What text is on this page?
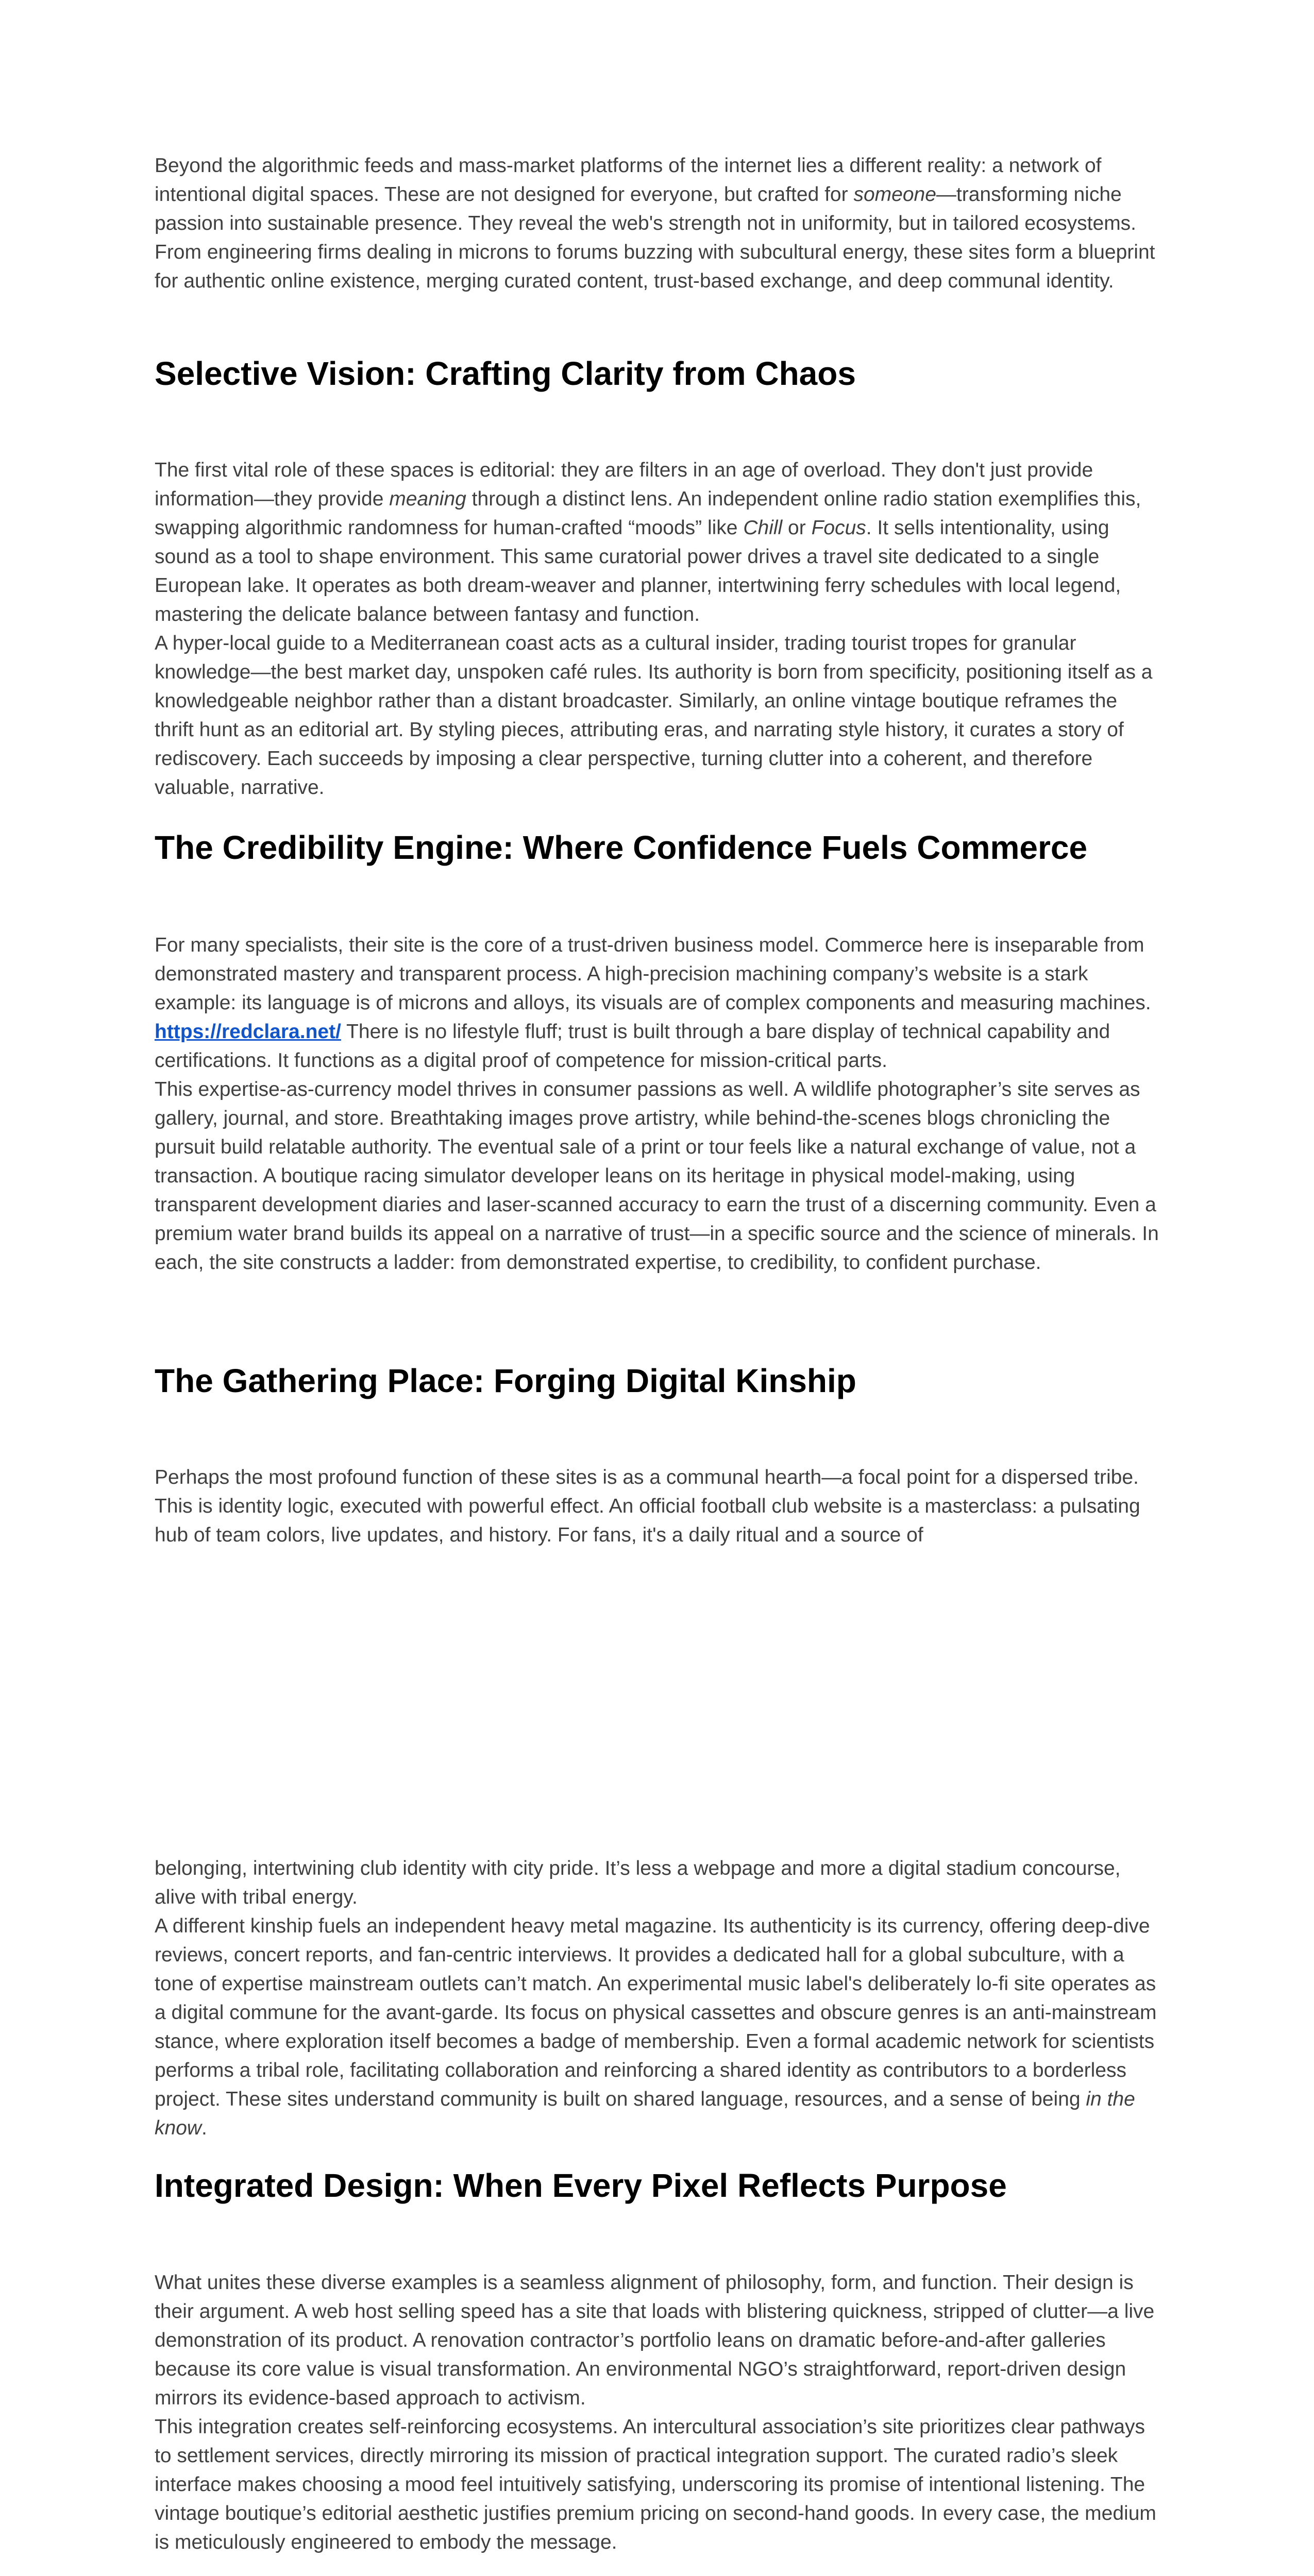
Beyond the algorithmic feeds and mass-market platforms of the internet lies a different reality: a network of intentional digital spaces. These are not designed for everyone, but crafted for someone—transforming niche passion into sustainable presence. They reveal the web's strength not in uniformity, but in tailored ecosystems. From engineering firms dealing in microns to forums buzzing with subcultural energy, these sites form a blueprint for authentic online existence, merging curated content, trust-based exchange, and deep communal identity.

Selective Vision: Crafting Clarity from Chaos

The first vital role of these spaces is editorial: they are filters in an age of overload. They don't just provide information—they provide meaning through a distinct lens. An independent online radio station exemplifies this, swapping algorithmic randomness for human-crafted “moods” like Chill or Focus. It sells intentionality, using sound as a tool to shape environment. This same curatorial power drives a travel site dedicated to a single European lake. It operates as both dream-weaver and planner, intertwining ferry schedules with local legend, mastering the delicate balance between fantasy and function.

A hyper-local guide to a Mediterranean coast acts as a cultural insider, trading tourist tropes for granular knowledge—the best market day, unspoken café rules. Its authority is born from specificity, positioning itself as a knowledgeable neighbor rather than a distant broadcaster. Similarly, an online vintage boutique reframes the thrift hunt as an editorial art. By styling pieces, attributing eras, and narrating style history, it curates a story of rediscovery. Each succeeds by imposing a clear perspective, turning clutter into a coherent, and therefore valuable, narrative.

The Credibility Engine: Where Confidence Fuels Commerce

For many specialists, their site is the core of a trust-driven business model. Commerce here is inseparable from demonstrated mastery and transparent process. A high-precision machining company’s website is a stark example: its language is of microns and alloys, its visuals are of complex components and measuring machines. https://redclara.net/ There is no lifestyle fluff; trust is built through a bare display of technical capability and certifications. It functions as a digital proof of competence for mission-critical parts.

This expertise-as-currency model thrives in consumer passions as well. A wildlife photographer’s site serves as gallery, journal, and store. Breathtaking images prove artistry, while behind-the-scenes blogs chronicling the pursuit build relatable authority. The eventual sale of a print or tour feels like a natural exchange of value, not a transaction. A boutique racing simulator developer leans on its heritage in physical model-making, using transparent development diaries and laser-scanned accuracy to earn the trust of a discerning community. Even a premium water brand builds its appeal on a narrative of trust—in a specific source and the science of minerals. In each, the site constructs a ladder: from demonstrated expertise, to credibility, to confident purchase.

The Gathering Place: Forging Digital Kinship

Perhaps the most profound function of these sites is as a communal hearth—a focal point for a dispersed tribe. This is identity logic, executed with powerful effect. An official football club website is a masterclass: a pulsating hub of team colors, live updates, and history. For fans, it's a daily ritual and a source of

belonging, intertwining club identity with city pride. It’s less a webpage and more a digital stadium concourse, alive with tribal energy.

A different kinship fuels an independent heavy metal magazine. Its authenticity is its currency, offering deep-dive reviews, concert reports, and fan-centric interviews. It provides a dedicated hall for a global subculture, with a tone of expertise mainstream outlets can’t match. An experimental music label's deliberately lo-fi site operates as a digital commune for the avant-garde. Its focus on physical cassettes and obscure genres is an anti-mainstream stance, where exploration itself becomes a badge of membership. Even a formal academic network for scientists performs a tribal role, facilitating collaboration and reinforcing a shared identity as contributors to a borderless project. These sites understand community is built on shared language, resources, and a sense of being in the know.

Integrated Design: When Every Pixel Reflects Purpose

What unites these diverse examples is a seamless alignment of philosophy, form, and function. Their design is their argument. A web host selling speed has a site that loads with blistering quickness, stripped of clutter—a live demonstration of its product. A renovation contractor’s portfolio leans on dramatic before-and-after galleries because its core value is visual transformation. An environmental NGO’s straightforward, report-driven design mirrors its evidence-based approach to activism.

This integration creates self-reinforcing ecosystems. An intercultural association’s site prioritizes clear pathways to settlement services, directly mirroring its mission of practical integration support. The curated radio’s sleek interface makes choosing a mood feel intuitively satisfying, underscoring its promise of intentional listening. The vintage boutique’s editorial aesthetic justifies premium pricing on second-hand goods. In every case, the medium is meticulously engineered to embody the message.
